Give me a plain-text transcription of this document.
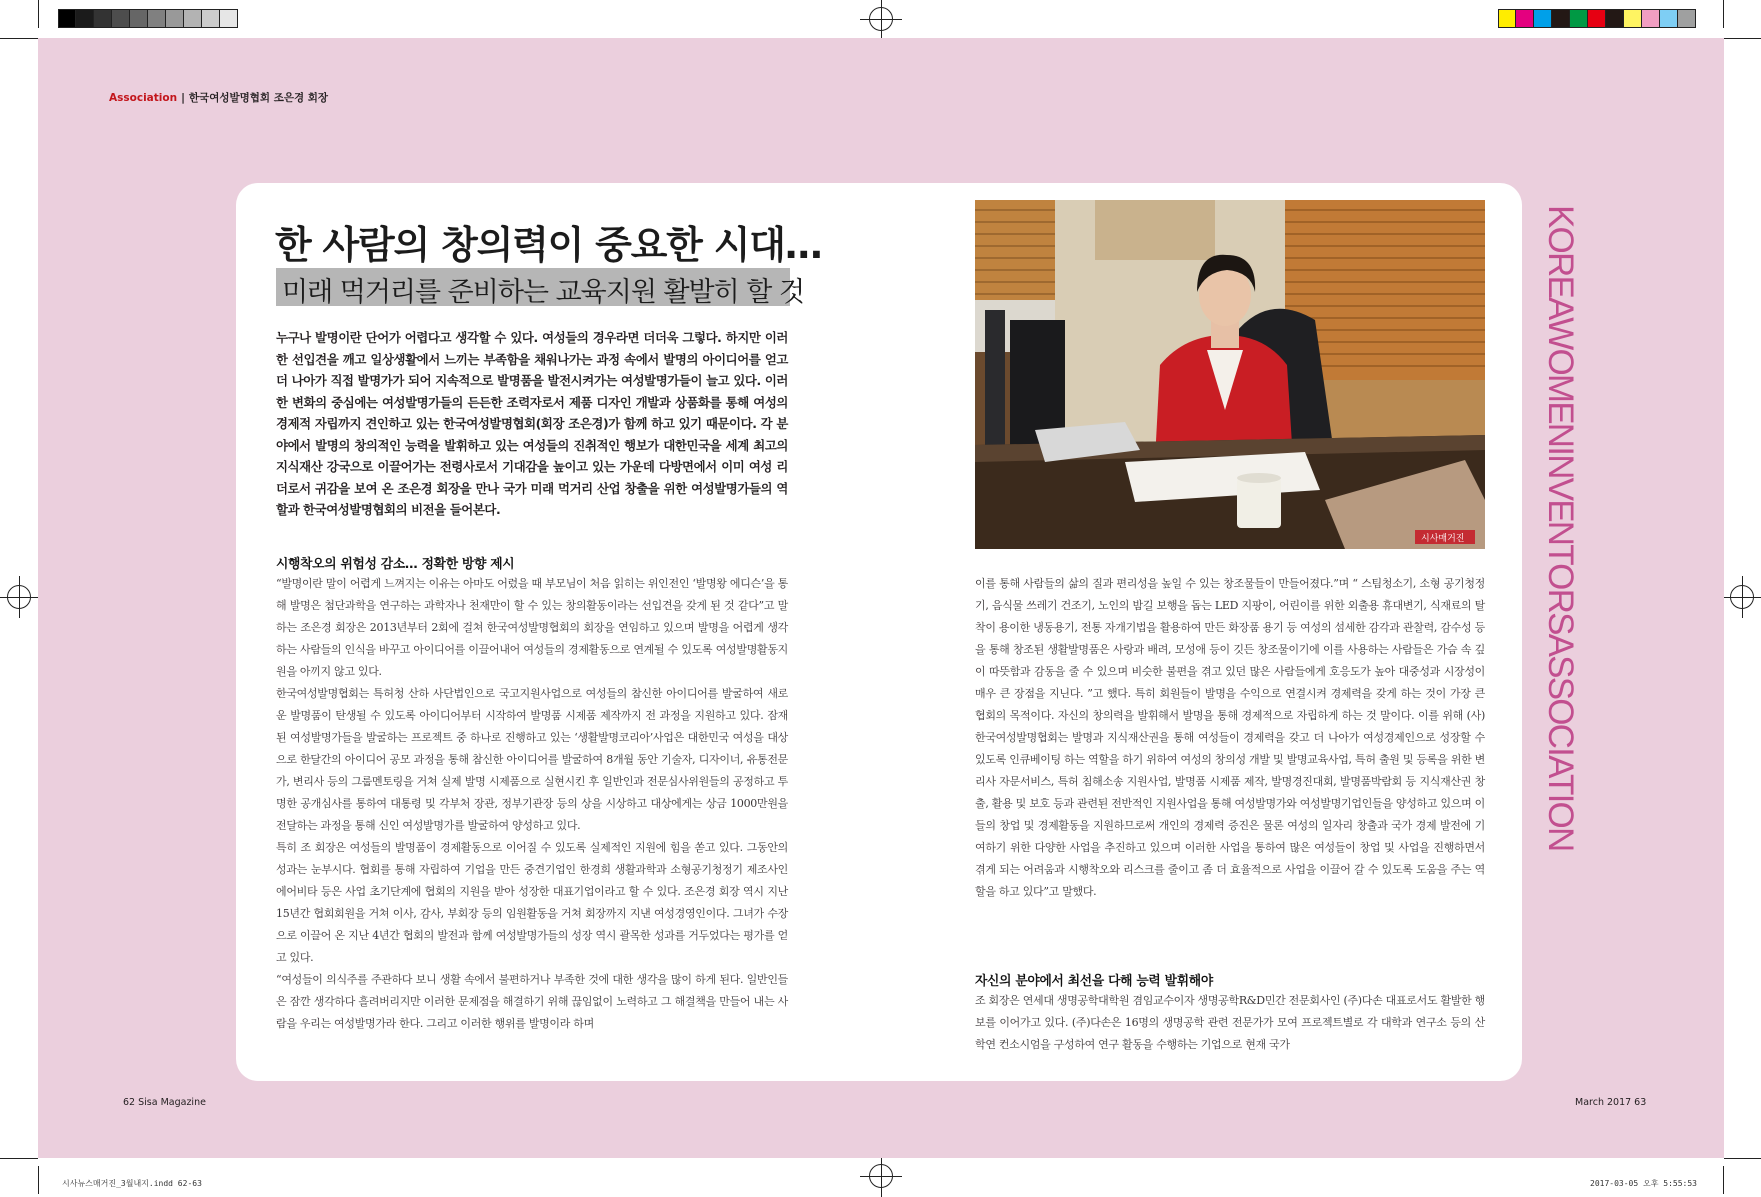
Association | 한국여성발명협회 조은경 회장
한 사람의 창의력이 중요한 시대…
미래 먹거리를 준비하는 교육지원 활발히 할 것
누구나 발명이란 단어가 어렵다고 생각할 수 있다. 여성들의 경우라면 더더욱 그렇다. 하지만 이러한 선입견을 깨고 일상생활에서 느끼는 부족함을 채워나가는 과정 속에서 발명의 아이디어를 얻고 더 나아가 직접 발명가가 되어 지속적으로 발명품을 발전시켜가는 여성발명가들이 늘고 있다. 이러한 변화의 중심에는 여성발명가들의 든든한 조력자로서 제품 디자인 개발과 상품화를 통해 여성의 경제적 자립까지 견인하고 있는 한국여성발명협회(회장 조은경)가 함께 하고 있기 때문이다. 각 분야에서 발명의 창의적인 능력을 발휘하고 있는 여성들의 진취적인 행보가 대한민국을 세계 최고의 지식재산 강국으로 이끌어가는 전령사로서 기대감을 높이고 있는 가운데 다방면에서 이미 여성 리더로서 귀감을 보여 온 조은경 회장을 만나 국가 미래 먹거리 산업 창출을 위한 여성발명가들의 역할과 한국여성발명협회의 비전을 들어본다.
시행착오의 위험성 감소… 정확한 방향 제시

“발명이란 말이 어렵게 느껴지는 이유는 아마도 어렸을 때 부모님이 처음 읽히는 위인전인 ‘발명왕 에디슨’을 통해 발명은 첨단과학을 연구하는 과학자나 천재만이 할 수 있는 창의활동이라는 선입견을 갖게 된 것 같다”고 말하는 조은경 회장은 2013년부터 2회에 걸쳐 한국여성발명협회의 회장을 연임하고 있으며 발명을 어렵게 생각하는 사람들의 인식을 바꾸고 아이디어를 이끌어내어 여성들의 경제활동으로 연계될 수 있도록 여성발명활동지원을 아끼지 않고 있다.

한국여성발명협회는 특허청 산하 사단법인으로 국고지원사업으로 여성들의 참신한 아이디어를 발굴하여 새로운 발명품이 탄생될 수 있도록 아이디어부터 시작하여 발명품 시제품 제작까지 전 과정을 지원하고 있다. 잠재된 여성발명가들을 발굴하는 프로젝트 중 하나로 진행하고 있는 ‘생활발명코리아’사업은 대한민국 여성을 대상으로 한달간의 아이디어 공모 과정을 통해 참신한 아이디어를 발굴하여 8개월 동안 기술자, 디자이너, 유통전문가, 변리사 등의 그룹멘토링을 거쳐 실제 발명 시제품으로 실현시킨 후 일반인과 전문심사위원들의 공정하고 투명한 공개심사를 통하여 대통령 및 각부처 장관, 정부기관장 등의 상을 시상하고 대상에게는 상금 1000만원을 전달하는 과정을 통해 신인 여성발명가를 발굴하여 양성하고 있다.

특히 조 회장은 여성들의 발명품이 경제활동으로 이어질 수 있도록 실제적인 지원에 힘을 쏟고 있다. 그동안의 성과는 눈부시다. 협회를 통해 자립하여 기업을 만든 중견기업인 한경희 생활과학과 소형공기청정기 제조사인 에어비타 등은 사업 초기단계에 협회의 지원을 받아 성장한 대표기업이라고 할 수 있다. 조은경 회장 역시 지난 15년간 협회회원을 거쳐 이사, 감사, 부회장 등의 임원활동을 거쳐 회장까지 지낸 여성경영인이다. 그녀가 수장으로 이끌어 온 지난 4년간 협회의 발전과 함께 여성발명가들의 성장 역시 괄목한 성과를 거두었다는 평가를 얻고 있다.

“여성들이 의식주를 주관하다 보니 생활 속에서 불편하거나 부족한 것에 대한 생각을 많이 하게 된다. 일반인들은 잠깐 생각하다 흘려버리지만 이러한 문제점을 해결하기 위해 끊임없이 노력하고 그 해결책을 만들어 내는 사람을 우리는 여성발명가라 한다. 그리고 이러한 행위를 발명이라 하며

시사매거진

이를 통해 사람들의 삶의 질과 편리성을 높일 수 있는 창조물들이 만들어졌다.”며 “ 스팀청소기, 소형 공기청정기, 음식물 쓰레기 건조기, 노인의 밤길 보행을 돕는 LED 지팡이, 어린이를 위한 외출용 휴대변기, 식재료의 탈착이 용이한 냉동용기, 전통 자개기법을 활용하여 만든 화장품 용기 등 여성의 섬세한 감각과 관찰력, 감수성 등을 통해 창조된 생활발명품은 사랑과 배려, 모성애 등이 깃든 창조물이기에 이를 사용하는 사람들은 가슴 속 깊이 따뜻함과 감동을 줄 수 있으며 비슷한 불편을 겪고 있던 많은 사람들에게 호응도가 높아 대중성과 시장성이 매우 큰 장점을 지닌다. ”고 했다. 특히 회원들이 발명을 수익으로 연결시켜 경제력을 갖게 하는 것이 가장 큰 협회의 목적이다. 자신의 창의력을 발휘해서 발명을 통해 경제적으로 자립하게 하는 것 말이다. 이를 위해 (사)한국여성발명협회는 발명과 지식재산권을 통해 여성들이 경제력을 갖고 더 나아가 여성경제인으로 성장할 수 있도록 인큐베이팅 하는 역할을 하기 위하여 여성의 창의성 개발 및 발명교육사업, 특허 출원 및 등록을 위한 변리사 자문서비스, 특허 침해소송 지원사업, 발명품 시제품 제작, 발명경진대회, 발명품박람회 등 지식재산권 창출, 활용 및 보호 등과 관련된 전반적인 지원사업을 통해 여성발명가와 여성발명기업인들을 양성하고 있으며 이들의 창업 및 경제활동을 지원하므로써 개인의 경제력 증진은 물론 여성의 일자리 창출과 국가 경제 발전에 기여하기 위한 다양한 사업을 추진하고 있으며 이러한 사업을 통하여 많은 여성들이 창업 및 사업을 진행하면서 겪게 되는 어려움과 시행착오와 리스크를 줄이고 좀 더 효율적으로 사업을 이끌어 갈 수 있도록 도움을 주는 역할을 하고 있다”고 말했다.

자신의 분야에서 최선을 다해 능력 발휘해야

조 회장은 연세대 생명공학대학원 겸임교수이자 생명공학R&D민간 전문회사인 (주)다손 대표로서도 활발한 행보를 이어가고 있다. (주)다손은 16명의 생명공학 관련 전문가가 모여 프로젝트별로 각 대학과 연구소 등의 산학연 컨소시엄을 구성하여 연구 활동을 수행하는 기업으로 현재 국가

KOREAWOMENINVENTORSASSOCIATION
62 Sisa Magazine	March 2017 63
시사뉴스매거진_3월내지.indd 62-63	2017-03-05 오후 5:55:53
